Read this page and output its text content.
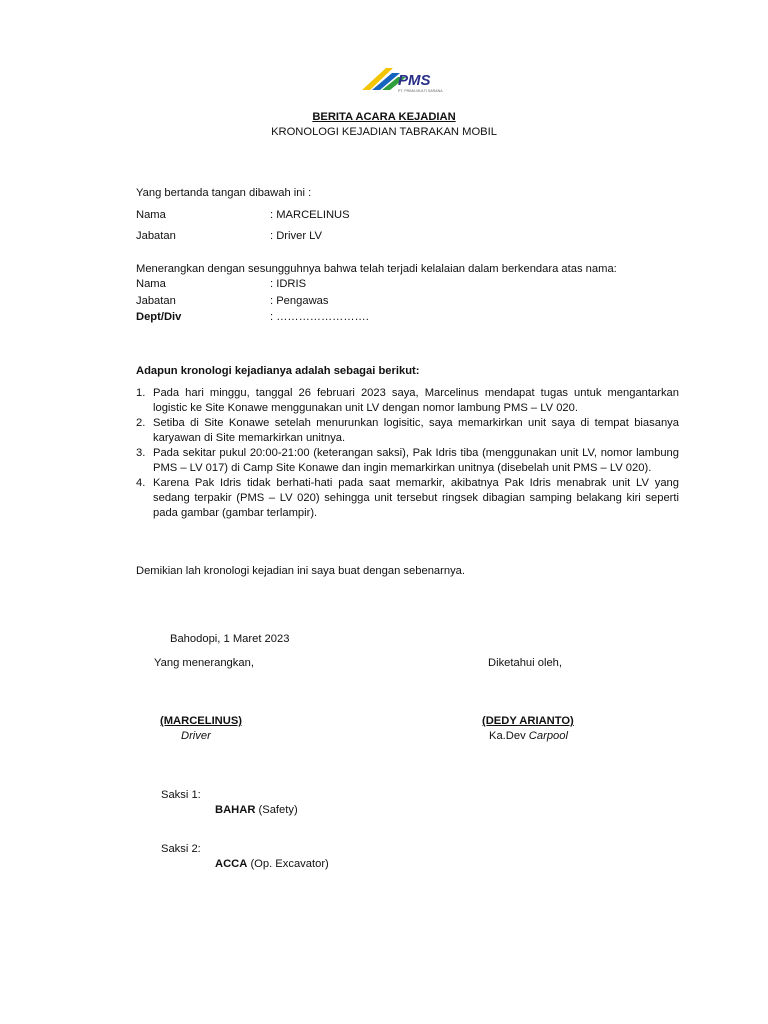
PMS
PT. PRIMA MULTI SARANA
BERITA ACARA KEJADIAN
KRONOLOGI KEJADIAN TABRAKAN MOBIL
Yang bertanda tangan dibawah ini :
Nama	: MARCELINUS
Jabatan	: Driver LV
Menerangkan dengan sesungguhnya bahwa telah terjadi kelalaian dalam berkendara atas nama:
Nama	: IDRIS
Jabatan	: Pengawas
Dept/Div	: …………………….
Adapun kronologi kejadianya adalah sebagai berikut:
1. Pada hari minggu, tanggal 26 februari 2023 saya, Marcelinus mendapat tugas untuk mengantarkan logistic ke Site Konawe menggunakan unit LV dengan nomor lambung PMS – LV 020.
2. Setiba di Site Konawe setelah menurunkan logisitic, saya memarkirkan unit saya di tempat biasanya karyawan di Site memarkirkan unitnya.
3. Pada sekitar pukul 20:00-21:00 (keterangan saksi), Pak Idris tiba (menggunakan unit LV, nomor lambung PMS – LV 017) di Camp Site Konawe dan ingin memarkirkan unitnya (disebelah unit PMS – LV 020).
4. Karena Pak Idris tidak berhati-hati pada saat memarkir, akibatnya Pak Idris menabrak unit LV yang sedang terpakir (PMS – LV 020) sehingga unit tersebut ringsek dibagian samping belakang kiri seperti pada gambar (gambar terlampir).
Demikian lah kronologi kejadian ini saya buat dengan sebenarnya.
Bahodopi, 1 Maret 2023
Yang menerangkan,	Diketahui oleh,
(MARCELINUS)
Driver
(DEDY ARIANTO)
Ka.Dev Carpool
Saksi 1:
BAHAR (Safety)
Saksi 2:
ACCA (Op. Excavator)
